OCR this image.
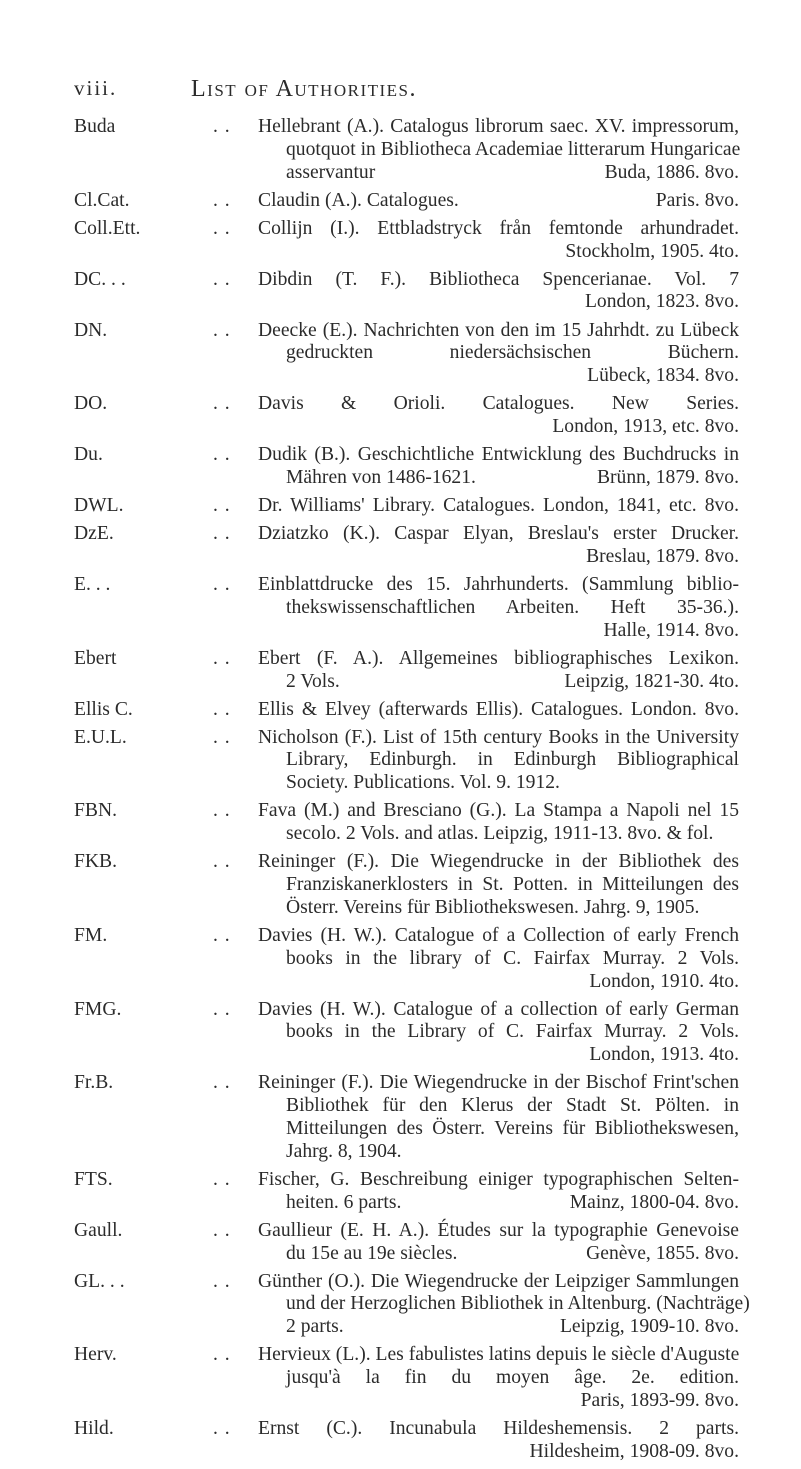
viii.	List of Authorities.
Buda	. . Hellebrant (A.). Catalogus librorum saec. XV. impressorum,
quotquot in Bibliotheca Academiae litterarum Hungaricae
asservantur	Buda, 1886. 8vo.
Cl.Cat.	. . Claudin (A.). Catalogues.	Paris. 8vo.
Coll.Ett.	. . Collijn (I.). Ettbladstryck från femtonde arhundradet.
Stockholm, 1905. 4to.
DC. . .	. . Dibdin (T. F.). Bibliotheca Spencerianae. Vol. 7
London, 1823. 8vo.
DN.	. . Deecke (E.). Nachrichten von den im 15 Jahrhdt. zu Lübeck
gedruckten niedersächsischen Büchern.
Lübeck, 1834. 8vo.
DO.	. . Davis & Orioli. Catalogues. New Series.
London, 1913, etc. 8vo.
Du.	. . Dudik (B.). Geschichtliche Entwicklung des Buchdrucks in
Mähren von 1486-1621.	Brünn, 1879. 8vo.
DWL.	. . Dr. Williams' Library. Catalogues. London, 1841, etc. 8vo.
DzE.	. . Dziatzko (K.). Caspar Elyan, Breslau's erster Drucker.
Breslau, 1879. 8vo.
E. . .	. . Einblattdrucke des 15. Jahrhunderts. (Sammlung biblio-
thekswissenschaftlichen Arbeiten. Heft 35-36.).
Halle, 1914. 8vo.
Ebert	. . Ebert (F. A.). Allgemeines bibliographisches Lexikon.
2 Vols.	Leipzig, 1821-30. 4to.
Ellis C.	. . Ellis & Elvey (afterwards Ellis). Catalogues. London. 8vo.
E.U.L.	. . Nicholson (F.). List of 15th century Books in the University
Library, Edinburgh. in Edinburgh Bibliographical
Society. Publications. Vol. 9. 1912.
FBN.	. . Fava (M.) and Bresciano (G.). La Stampa a Napoli nel 15
secolo. 2 Vols. and atlas. Leipzig, 1911-13. 8vo. & fol.
FKB.	. . Reininger (F.). Die Wiegendrucke in der Bibliothek des
Franziskanerklosters in St. Potten. in Mitteilungen des
Österr. Vereins für Bibliothekswesen. Jahrg. 9, 1905.
FM.	. . Davies (H. W.). Catalogue of a Collection of early French
books in the library of C. Fairfax Murray. 2 Vols.
London, 1910. 4to.
FMG.	. . Davies (H. W.). Catalogue of a collection of early German
books in the Library of C. Fairfax Murray. 2 Vols.
London, 1913. 4to.
Fr.B.	. . Reininger (F.). Die Wiegendrucke in der Bischof Frint'schen
Bibliothek für den Klerus der Stadt St. Pölten. in
Mitteilungen des Österr. Vereins für Bibliothekswesen,
Jahrg. 8, 1904.
FTS.	. . Fischer, G. Beschreibung einiger typographischen Selten-
heiten. 6 parts.	Mainz, 1800-04. 8vo.
Gaull.	. . Gaullieur (E. H. A.). Études sur la typographie Genevoise
du 15e au 19e siècles.	Genève, 1855. 8vo.
GL. . .	. . Günther (O.). Die Wiegendrucke der Leipziger Sammlungen
und der Herzoglichen Bibliothek in Altenburg. (Nachträge)
2 parts.	Leipzig, 1909-10. 8vo.
Herv.	. . Hervieux (L.). Les fabulistes latins depuis le siècle d'Auguste
jusqu'à la fin du moyen âge. 2e. edition.
Paris, 1893-99. 8vo.
Hild.	. . Ernst (C.). Incunabula Hildeshemensis. 2 parts.
Hildesheim, 1908-09. 8vo.
